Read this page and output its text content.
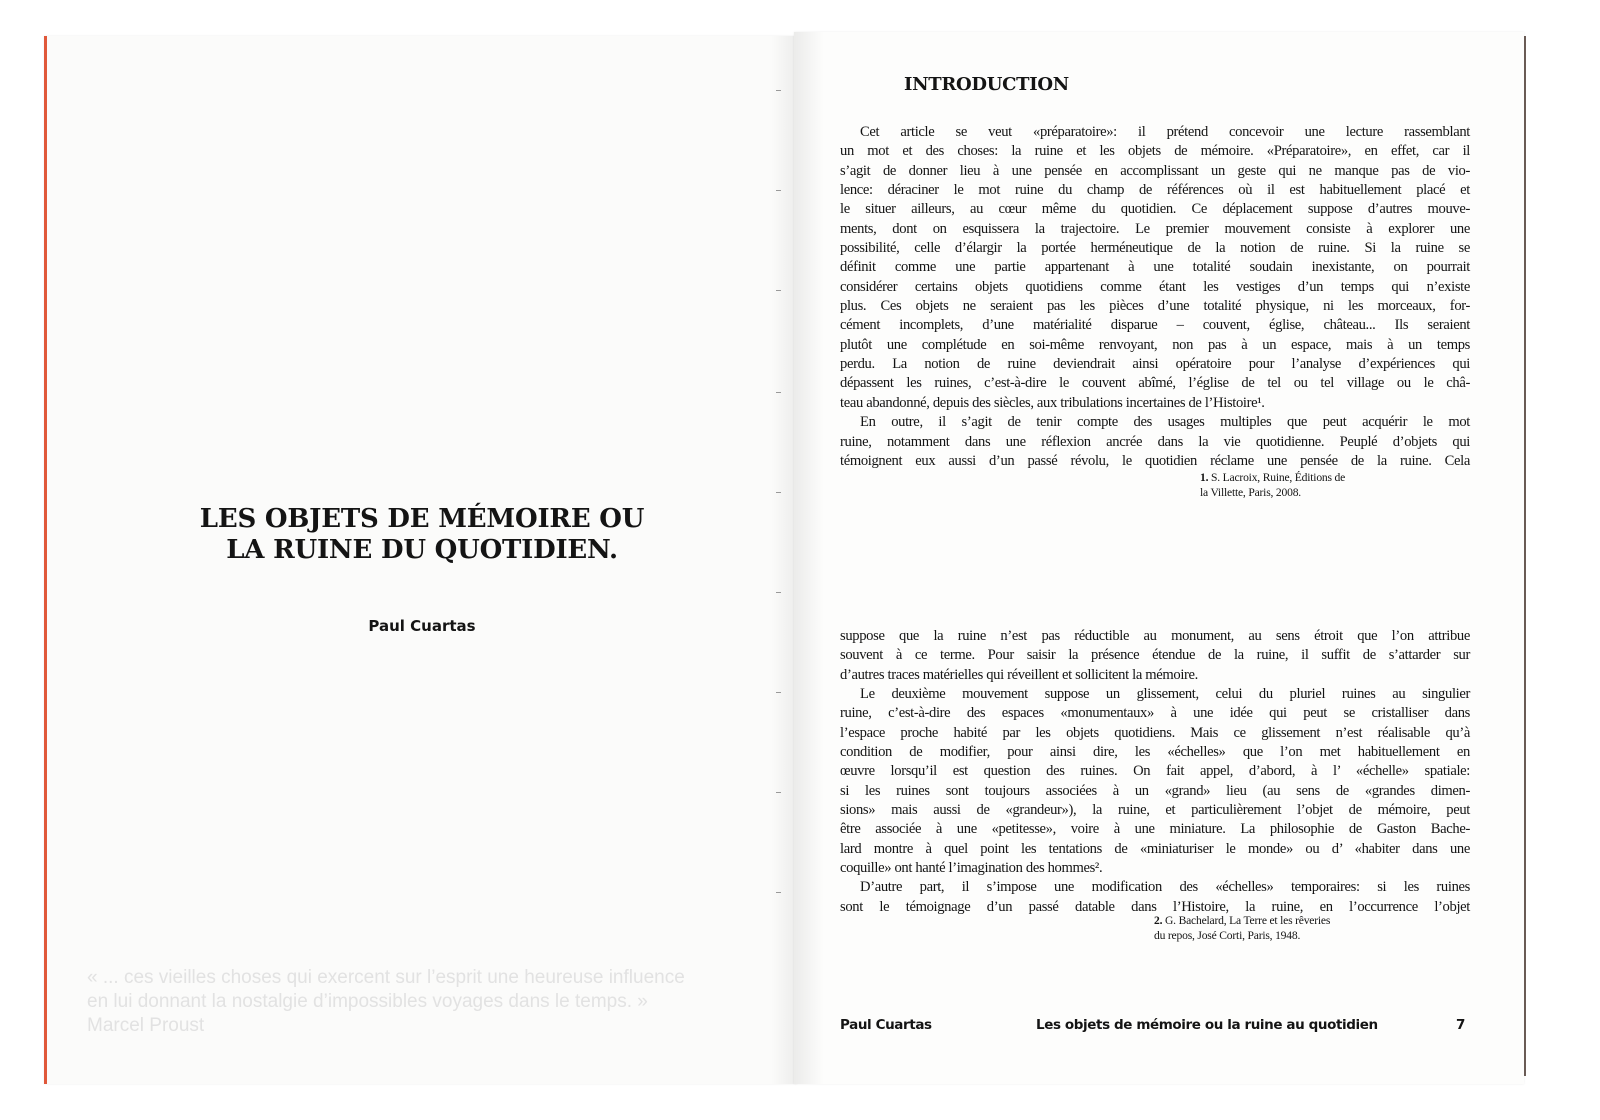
« ... ces vieilles choses qui exercent sur l’esprit une heureuse influence
en lui donnant la nostalgie d’impossibles voyages dans le temps. »
Marcel Proust
LES OBJETS DE MÉMOIRE OU
LA RUINE DU QUOTIDIEN.
Paul Cuartas
INTRODUCTION
Cet article se veut «préparatoire»: il prétend concevoir une lecture rassemblant
un mot et des choses: la ruine et les objets de mémoire. «Préparatoire», en effet, car il
s’agit de donner lieu à une pensée en accomplissant un geste qui ne manque pas de vio-
lence: déraciner le mot ruine du champ de références où il est habituellement placé et
le situer ailleurs, au cœur même du quotidien. Ce déplacement suppose d’autres mouve-
ments, dont on esquissera la trajectoire. Le premier mouvement consiste à explorer une
possibilité, celle d’élargir la portée herméneutique de la notion de ruine. Si la ruine se
définit comme une partie appartenant à une totalité soudain inexistante, on pourrait
considérer certains objets quotidiens comme étant les vestiges d’un temps qui n’existe
plus. Ces objets ne seraient pas les pièces d’une totalité physique, ni les morceaux, for-
cément incomplets, d’une matérialité disparue – couvent, église, château... Ils seraient
plutôt une complétude en soi-même renvoyant, non pas à un espace, mais à un temps
perdu. La notion de ruine deviendrait ainsi opératoire pour l’analyse d’expériences qui
dépassent les ruines, c’est-à-dire le couvent abîmé, l’église de tel ou tel village ou le châ-
teau abandonné, depuis des siècles, aux tribulations incertaines de l’Histoire¹.
En outre, il s’agit de tenir compte des usages multiples que peut acquérir le mot
ruine, notamment dans une réflexion ancrée dans la vie quotidienne. Peuplé d’objets qui
témoignent eux aussi d’un passé révolu, le quotidien réclame une pensée de la ruine. Cela
1. S. Lacroix, Ruine, Éditions de
la Villette, Paris, 2008.
suppose que la ruine n’est pas réductible au monument, au sens étroit que l’on attribue
souvent à ce terme. Pour saisir la présence étendue de la ruine, il suffit de s’attarder sur
d’autres traces matérielles qui réveillent et sollicitent la mémoire.
Le deuxième mouvement suppose un glissement, celui du pluriel ruines au singulier
ruine, c’est-à-dire des espaces «monumentaux» à une idée qui peut se cristalliser dans
l’espace proche habité par les objets quotidiens. Mais ce glissement n’est réalisable qu’à
condition de modifier, pour ainsi dire, les «échelles» que l’on met habituellement en
œuvre lorsqu’il est question des ruines. On fait appel, d’abord, à l’ «échelle» spatiale:
si les ruines sont toujours associées à un «grand» lieu (au sens de «grandes dimen-
sions» mais aussi de «grandeur»), la ruine, et particulièrement l’objet de mémoire, peut
être associée à une «petitesse», voire à une miniature. La philosophie de Gaston Bache-
lard montre à quel point les tentations de «miniaturiser le monde» ou d’ «habiter dans une
coquille» ont hanté l’imagination des hommes².
D’autre part, il s’impose une modification des «échelles» temporaires: si les ruines
sont le témoignage d’un passé datable dans l’Histoire, la ruine, en l’occurrence l’objet
2. G. Bachelard, La Terre et les rêveries
du repos, José Corti, Paris, 1948.
Paul Cuartas	Les objets de mémoire ou la ruine au quotidien	7
